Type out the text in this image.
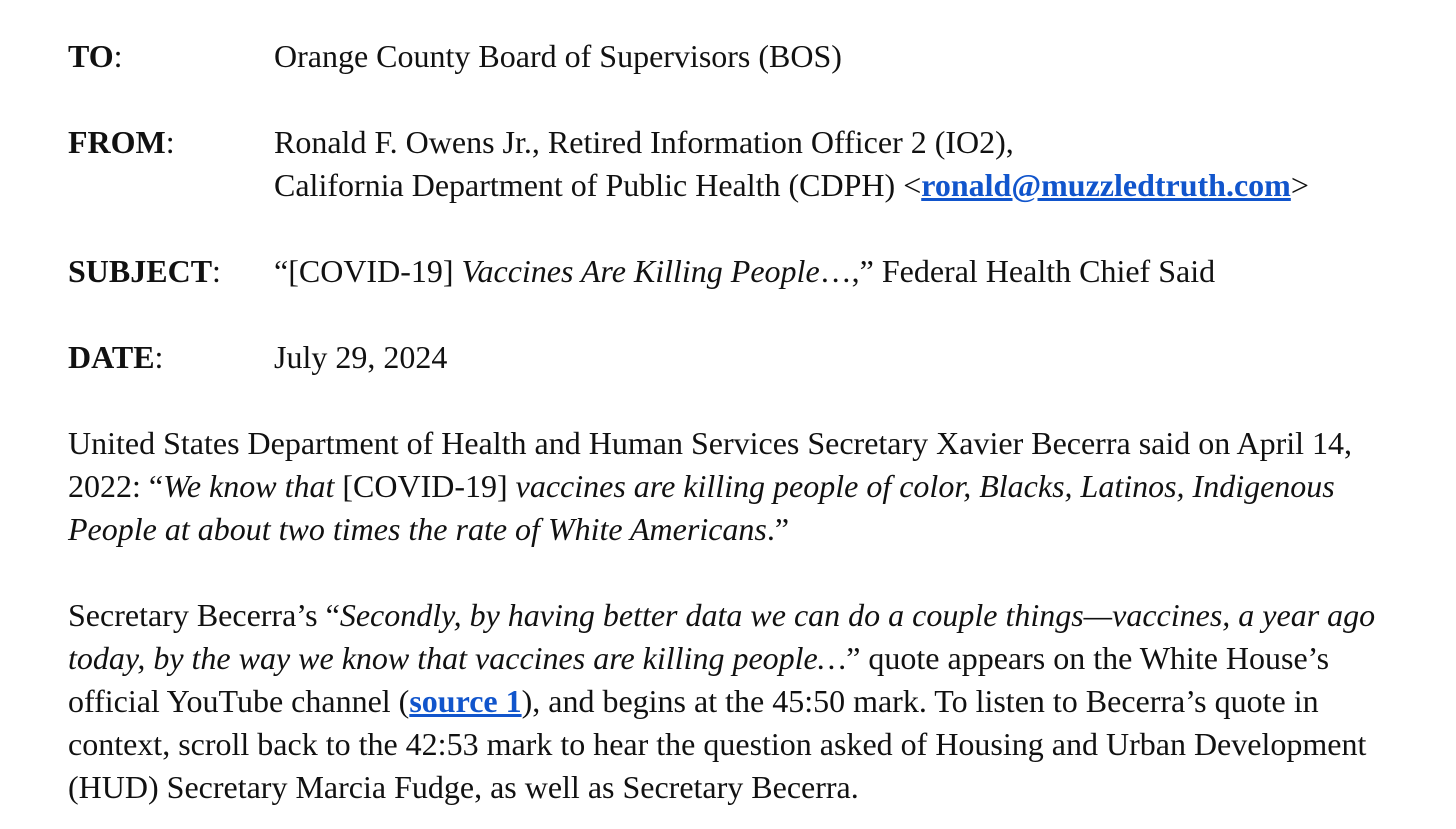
TO:	Orange County Board of Supervisors (BOS)
FROM:	Ronald F. Owens Jr., Retired Information Officer 2 (IO2),
California Department of Public Health (CDPH) <ronald@muzzledtruth.com>
SUBJECT:	“[COVID-19] Vaccines Are Killing People…,” Federal Health Chief Said
DATE:	July 29, 2024

United States Department of Health and Human Services Secretary Xavier Becerra said on April 14, 2022: “We know that [COVID-19] vaccines are killing people of color, Blacks, Latinos, Indigenous People at about two times the rate of White Americans.”

Secretary Becerra’s “Secondly, by having better data we can do a couple things—vaccines, a year ago today, by the way we know that vaccines are killing people…” quote appears on the White House’s official YouTube channel (source 1), and begins at the 45:50 mark. To listen to Becerra’s quote in context, scroll back to the 42:53 mark to hear the question asked of Housing and Urban Development (HUD) Secretary Marcia Fudge, as well as Secretary Becerra.
